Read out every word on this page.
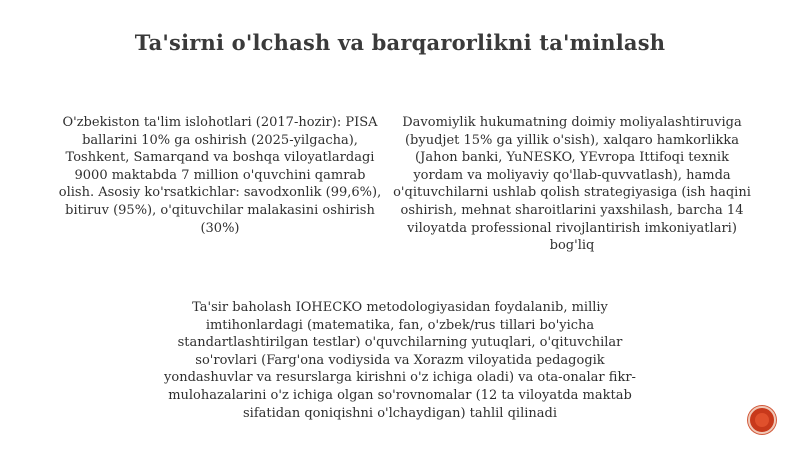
Ta'sirni o'lchash va barqarorlikni ta'minlash
O'zbekiston ta'lim islohotlari (2017-hozir): PISA ballarini 10% ga oshirish (2025-yilgacha), Toshkent, Samarqand va boshqa viloyatlardagi 9000 maktabda 7 million o'quvchini qamrab olish. Asosiy ko'rsatkichlar: savodxonlik (99,6%), bitiruv (95%), o'qituvchilar malakasini oshirish (30%)
Davomiylik hukumatning doimiy moliyalashtiruviga (byudjet 15% ga yillik o'sish), xalqaro hamkorlikka (Jahon banki, YuNESKO, YEvropa Ittifoqi texnik yordam va moliyaviy qo'llab-quvvatlash), hamda o'qituvchilarni ushlab qolish strategiyasiga (ish haqini oshirish, mehnat sharoitlarini yaxshilash, barcha 14 viloyatda professional rivojlantirish imkoniyatlari) bog'liq
Ta'sir baholash IOHECKO metodologiyasidan foydalanib, milliy imtihonlardagi (matematika, fan, o'zbek/rus tillari bo'yicha standartlashtirilgan testlar) o'quvchilarning yutuqlari, o'qituvchilar so'rovlari (Farg'ona vodiysida va Xorazm viloyatida pedagogik yondashuvlar va resurslarga kirishni o'z ichiga oladi) va ota-onalar fikr-mulohazalarini o'z ichiga olgan so'rovnomalar (12 ta viloyatda maktab sifatidan qoniqishni o'lchaydigan) tahlil qilinadi
